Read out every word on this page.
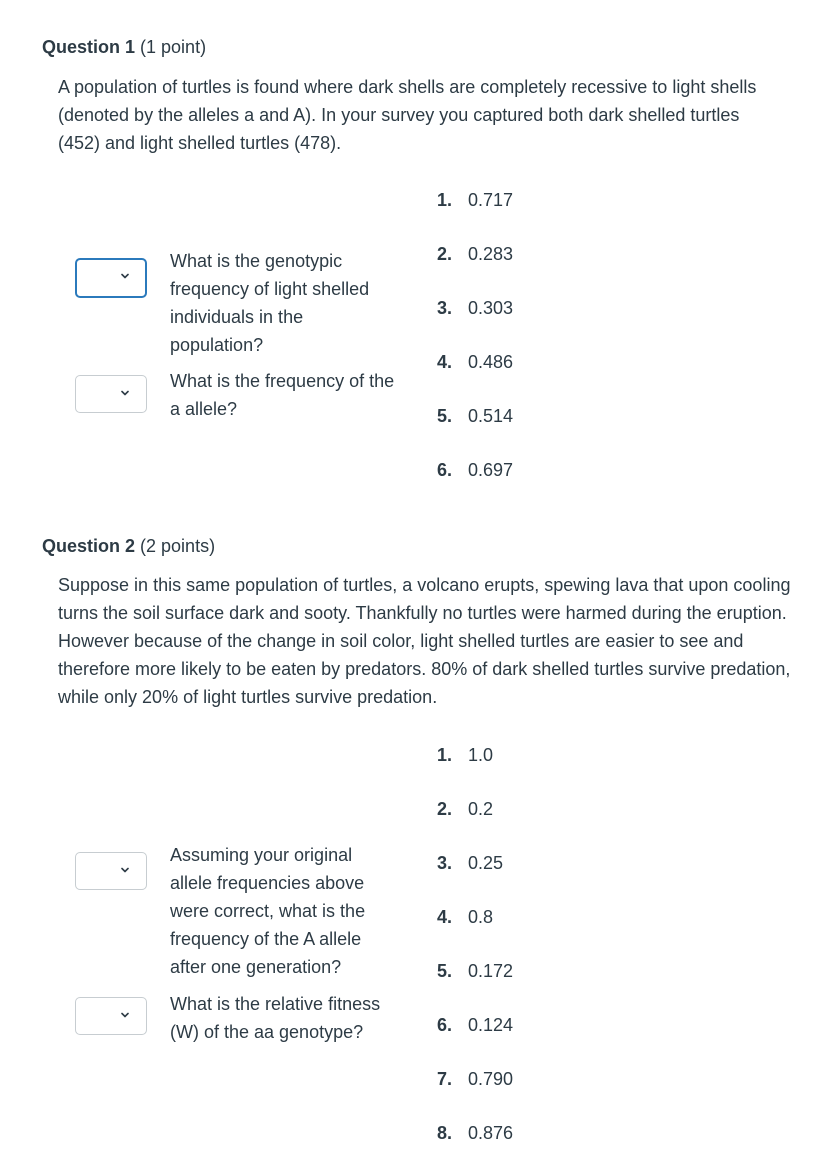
Question 1 (1 point)
A population of turtles is found where dark shells are completely recessive to light shells (denoted by the alleles a and A). In your survey you captured both dark shelled turtles (452) and light shelled turtles (478).
What is the genotypic frequency of light shelled individuals in the population?
What is the frequency of the a allele?
1. 0.717
2. 0.283
3. 0.303
4. 0.486
5. 0.514
6. 0.697
Question 2 (2 points)
Suppose in this same population of turtles, a volcano erupts, spewing lava that upon cooling turns the soil surface dark and sooty. Thankfully no turtles were harmed during the eruption. However because of the change in soil color, light shelled turtles are easier to see and therefore more likely to be eaten by predators. 80% of dark shelled turtles survive predation, while only 20% of light turtles survive predation.
Assuming your original allele frequencies above were correct, what is the frequency of the A allele after one generation?
What is the relative fitness (W) of the aa genotype?
1. 1.0
2. 0.2
3. 0.25
4. 0.8
5. 0.172
6. 0.124
7. 0.790
8. 0.876
